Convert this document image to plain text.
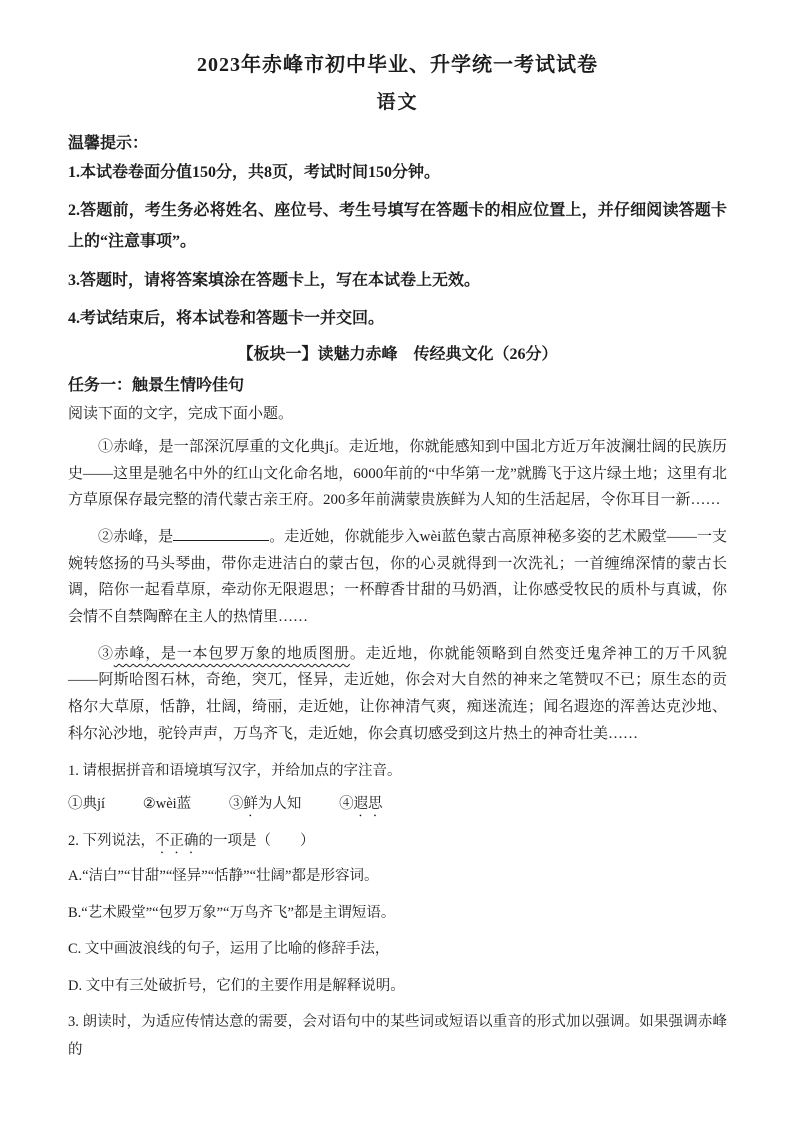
2023年赤峰市初中毕业、升学统一考试试卷
语文

温馨提示：

1.本试卷卷面分值150分，共8页，考试时间150分钟。

2.答题前，考生务必将姓名、座位号、考生号填写在答题卡的相应位置上，并仔细阅读答题卡上的“注意事项”。

3.答题时，请将答案填涂在答题卡上，写在本试卷上无效。

4.考试结束后，将本试卷和答题卡一并交回。

【板块一】读魅力赤峰　传经典文化（26分）

任务一：触景生情吟佳句

阅读下面的文字，完成下面小题。

①赤峰，是一部深沉厚重的文化典jí。走近地，你就能感知到中国北方近万年波澜壮阔的民族历史——这里是驰名中外的红山文化命名地，6000年前的“中华第一龙”就腾飞于这片绿土地；这里有北方草原保存最完整的清代蒙古亲王府。200多年前满蒙贵族鲜为人知的生活起居，令你耳目一新……

②赤峰，是	。走近她，你就能步入wèi蓝色蒙古高原神秘多姿的艺术殿堂——一支婉转悠扬的马头琴曲，带你走进洁白的蒙古包，你的心灵就得到一次洗礼；一首缠绵深情的蒙古长调，陪你一起看草原，牵动你无限遐思；一杯醇香甘甜的马奶酒，让你感受牧民的质朴与真诚，你会情不自禁陶醉在主人的热情里……

③赤峰，是一本包罗万象的地质图册。走近地，你就能领略到自然变迁鬼斧神工的万千风貌——阿斯哈图石林，奇绝，突兀，怪异，走近她，你会对大自然的神来之笔赞叹不已；原生态的贡格尔大草原，恬静，壮阔，绮丽，走近她，让你神清气爽，痴迷流连；闻名遐迩的浑善达克沙地、科尔沁沙地，驼铃声声，万鸟齐飞，走近她，你会真切感受到这片热土的神奇壮美……

1. 请根据拼音和语境填写汉字，并给加点的字注音。

①典jí	②wèi蓝	③鲜为人知	④遐思

2. 下列说法，不正确的一项是（　　）

A.“洁白”“甘甜”“怪异”“恬静”“壮阔”都是形容词。

B.“艺术殿堂”“包罗万象”“万鸟齐飞”都是主谓短语。

C. 文中画波浪线的句子，运用了比喻的修辞手法，

D. 文中有三处破折号，它们的主要作用是解释说明。

3. 朗读时，为适应传情达意的需要，会对语句中的某些词或短语以重音的形式加以强调。如果强调赤峰的
